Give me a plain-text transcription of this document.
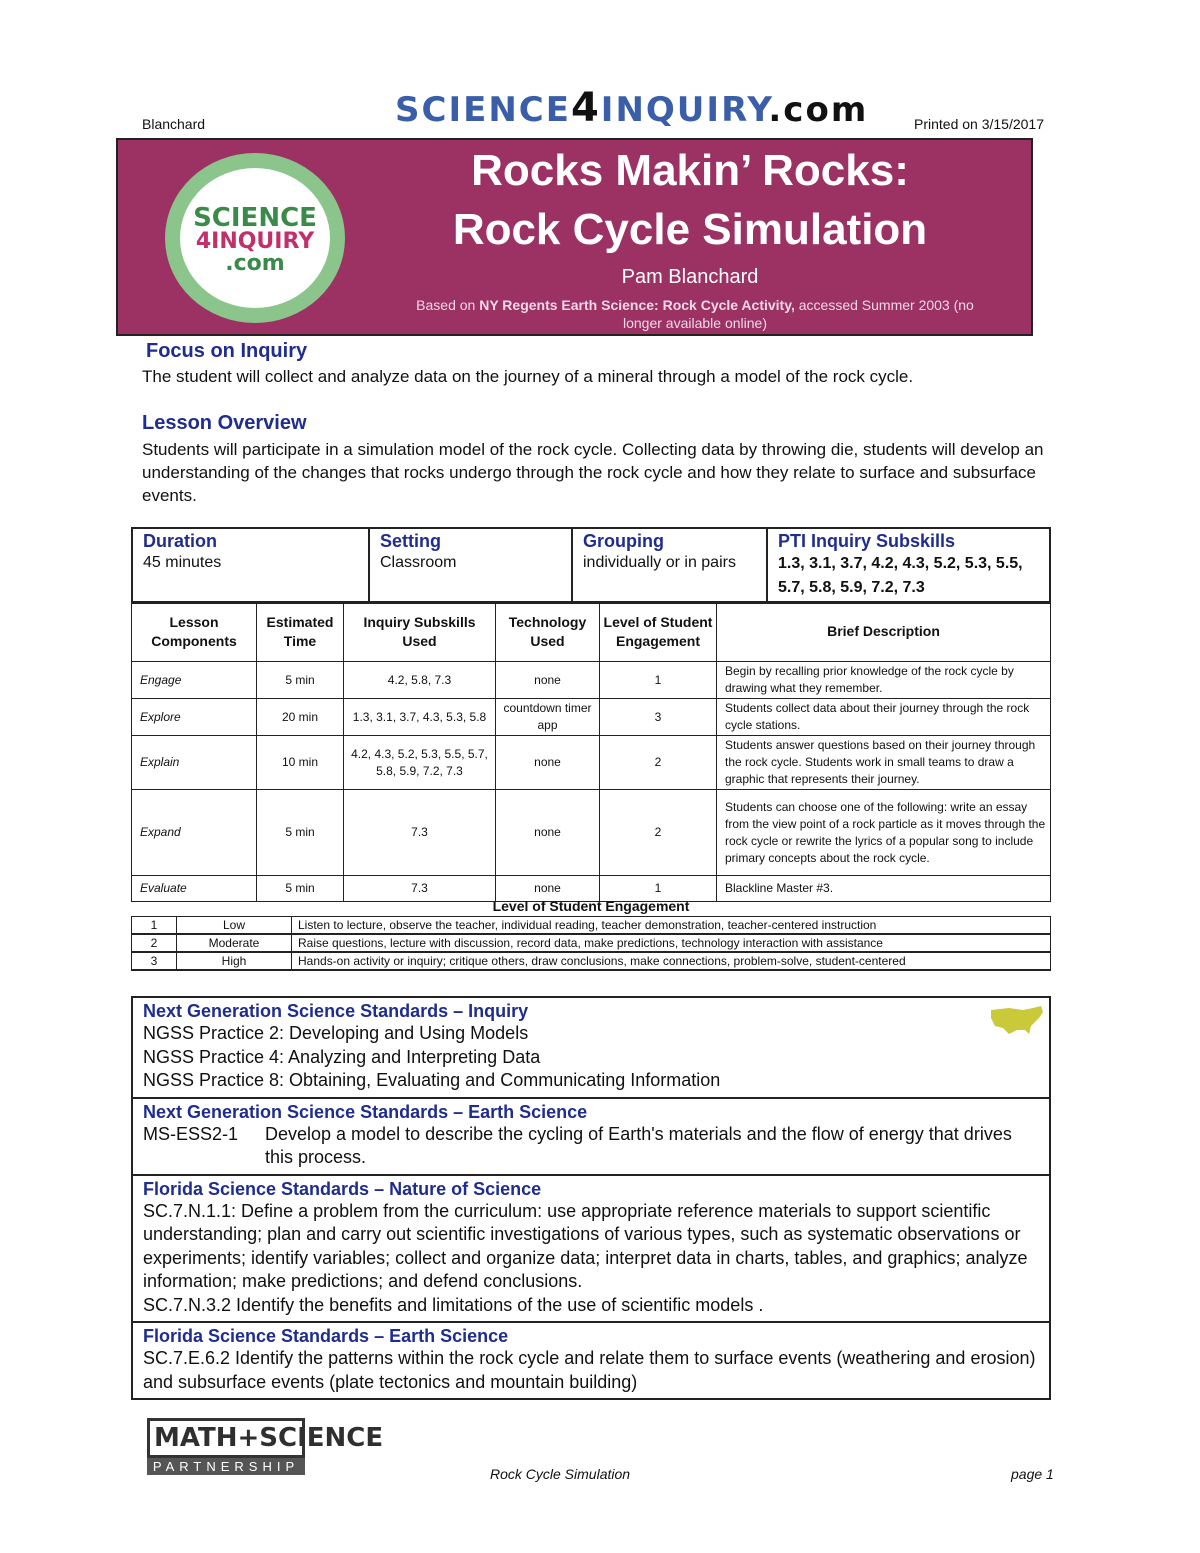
Blanchard	SCIENCE4INQUIRY.com	Printed on 3/15/2017
SCIENCE
4INQUIRY
.com
Rocks Makin’ Rocks:
Rock Cycle Simulation
Pam Blanchard
Based on NY Regents Earth Science: Rock Cycle Activity, accessed Summer 2003 (no longer available online)
Focus on Inquiry
The student will collect and analyze data on the journey of a mineral through a model of the rock cycle.
Lesson Overview
Students will participate in a simulation model of the rock cycle. Collecting data by throwing die, students will develop an understanding of the changes that rocks undergo through the rock cycle and how they relate to surface and subsurface events.
Duration
45 minutes

Setting
Classroom

Grouping
individually or in pairs

PTI Inquiry Subskills
1.3, 3.1, 3.7, 4.2, 4.3, 5.2, 5.3, 5.5, 5.7, 5.8, 5.9, 7.2, 7.3
Lesson Components	Estimated Time	Inquiry Subskills Used	Technology Used	Level of Student Engagement	Brief Description
Engage	5 min	4.2, 5.8, 7.3	none	1	Begin by recalling prior knowledge of the rock cycle by drawing what they remember.
Explore	20 min	1.3, 3.1, 3.7, 4.3, 5.3, 5.8	countdown timer app	3	Students collect data about their journey through the rock cycle stations.
Explain	10 min	4.2, 4.3, 5.2, 5.3, 5.5, 5.7, 5.8, 5.9, 7.2, 7.3	none	2	Students answer questions based on their journey through the rock cycle. Students work in small teams to draw a graphic that represents their journey.
Expand	5 min	7.3	none	2	Students can choose one of the following: write an essay from the view point of a rock particle as it moves through the rock cycle or rewrite the lyrics of a popular song to include primary concepts about the rock cycle.
Evaluate	5 min	7.3	none	1	Blackline Master #3.
Level of Student Engagement
1	Low	Listen to lecture, observe the teacher, individual reading, teacher demonstration, teacher-centered instruction
2	Moderate	Raise questions, lecture with discussion, record data, make predictions, technology interaction with assistance
3	High	Hands-on activity or inquiry; critique others, draw conclusions, make connections, problem-solve, student-centered
Next Generation Science Standards – Inquiry
NGSS Practice 2: Developing and Using Models
NGSS Practice 4: Analyzing and Interpreting Data
NGSS Practice 8: Obtaining, Evaluating and Communicating Information
Next Generation Science Standards – Earth Science
MS-ESS2-1	Develop a model to describe the cycling of Earth's materials and the flow of energy that drives this process.
Florida Science Standards – Nature of Science
SC.7.N.1.1: Define a problem from the curriculum: use appropriate reference materials to support scientific understanding; plan and carry out scientific investigations of various types, such as systematic observations or experiments; identify variables; collect and organize data; interpret data in charts, tables, and graphics; analyze information; make predictions; and defend conclusions.
SC.7.N.3.2 Identify the benefits and limitations of the use of scientific models .
Florida Science Standards – Earth Science
SC.7.E.6.2 Identify the patterns within the rock cycle and relate them to surface events (weathering and erosion) and subsurface events (plate tectonics and mountain building)
MATH+SCIENCE
PARTNERSHIP	Rock Cycle Simulation	page 1
